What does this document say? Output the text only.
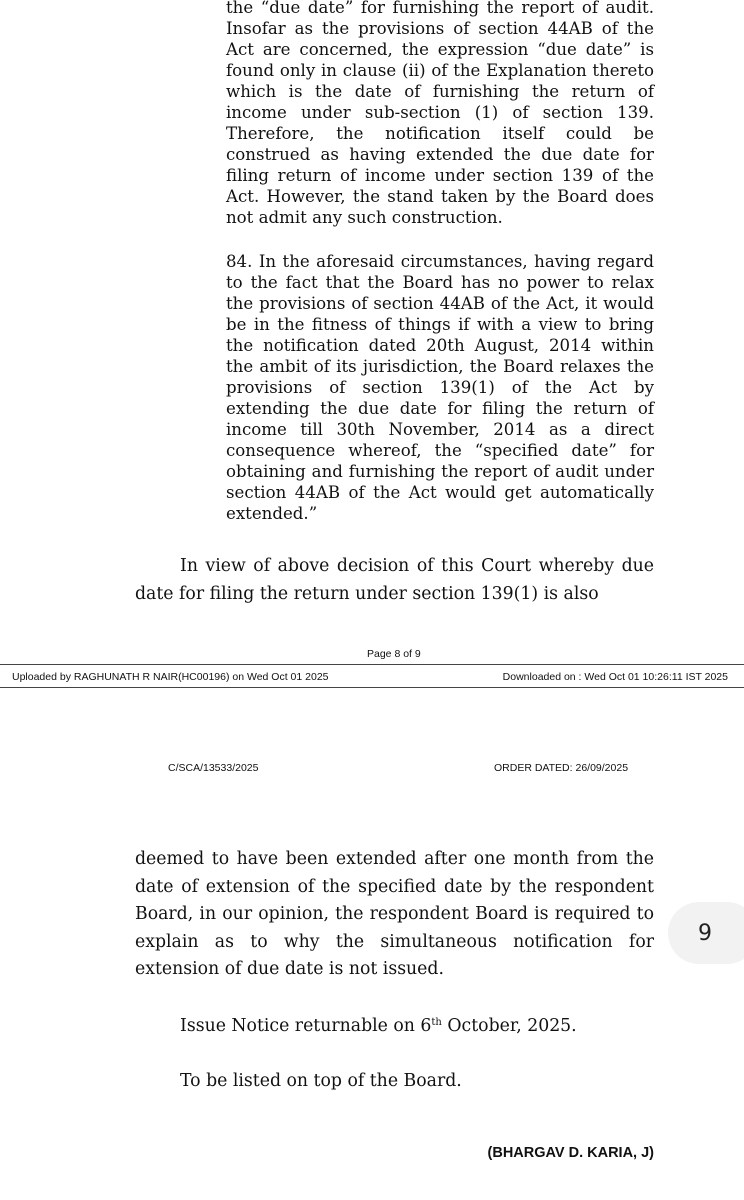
the “due date” for furnishing the report of audit. Insofar as the provisions of section 44AB of the Act are concerned, the expression “due date” is found only in clause (ii) of the Explanation thereto which is the date of furnishing the return of income under sub-section (1) of section 139. Therefore, the notification itself could be construed as having extended the due date for filing return of income under section 139 of the Act. However, the stand taken by the Board does not admit any such construction.

84. In the aforesaid circumstances, having regard to the fact that the Board has no power to relax the provisions of section 44AB of the Act, it would be in the fitness of things if with a view to bring the notification dated 20th August, 2014 within the ambit of its jurisdiction, the Board relaxes the provisions of section 139(1) of the Act by extending the due date for filing the return of income till 30th November, 2014 as a direct consequence whereof, the “specified date” for obtaining and furnishing the report of audit under section 44AB of the Act would get automatically extended.”

In view of above decision of this Court whereby due date for filing the return under section 139(1) is also

Page 8 of 9
Uploaded by RAGHUNATH R NAIR(HC00196) on Wed Oct 01 2025	Downloaded on : Wed Oct 01 10:26:11 IST 2025
C/SCA/13533/2025	ORDER DATED: 26/09/2025

deemed to have been extended after one month from the date of extension of the specified date by the respondent Board, in our opinion, the respondent Board is required to explain as to why the simultaneous notification for extension of due date is not issued.

Issue Notice returnable on 6th October, 2025.

To be listed on top of the Board.

(BHARGAV D. KARIA, J)
9
